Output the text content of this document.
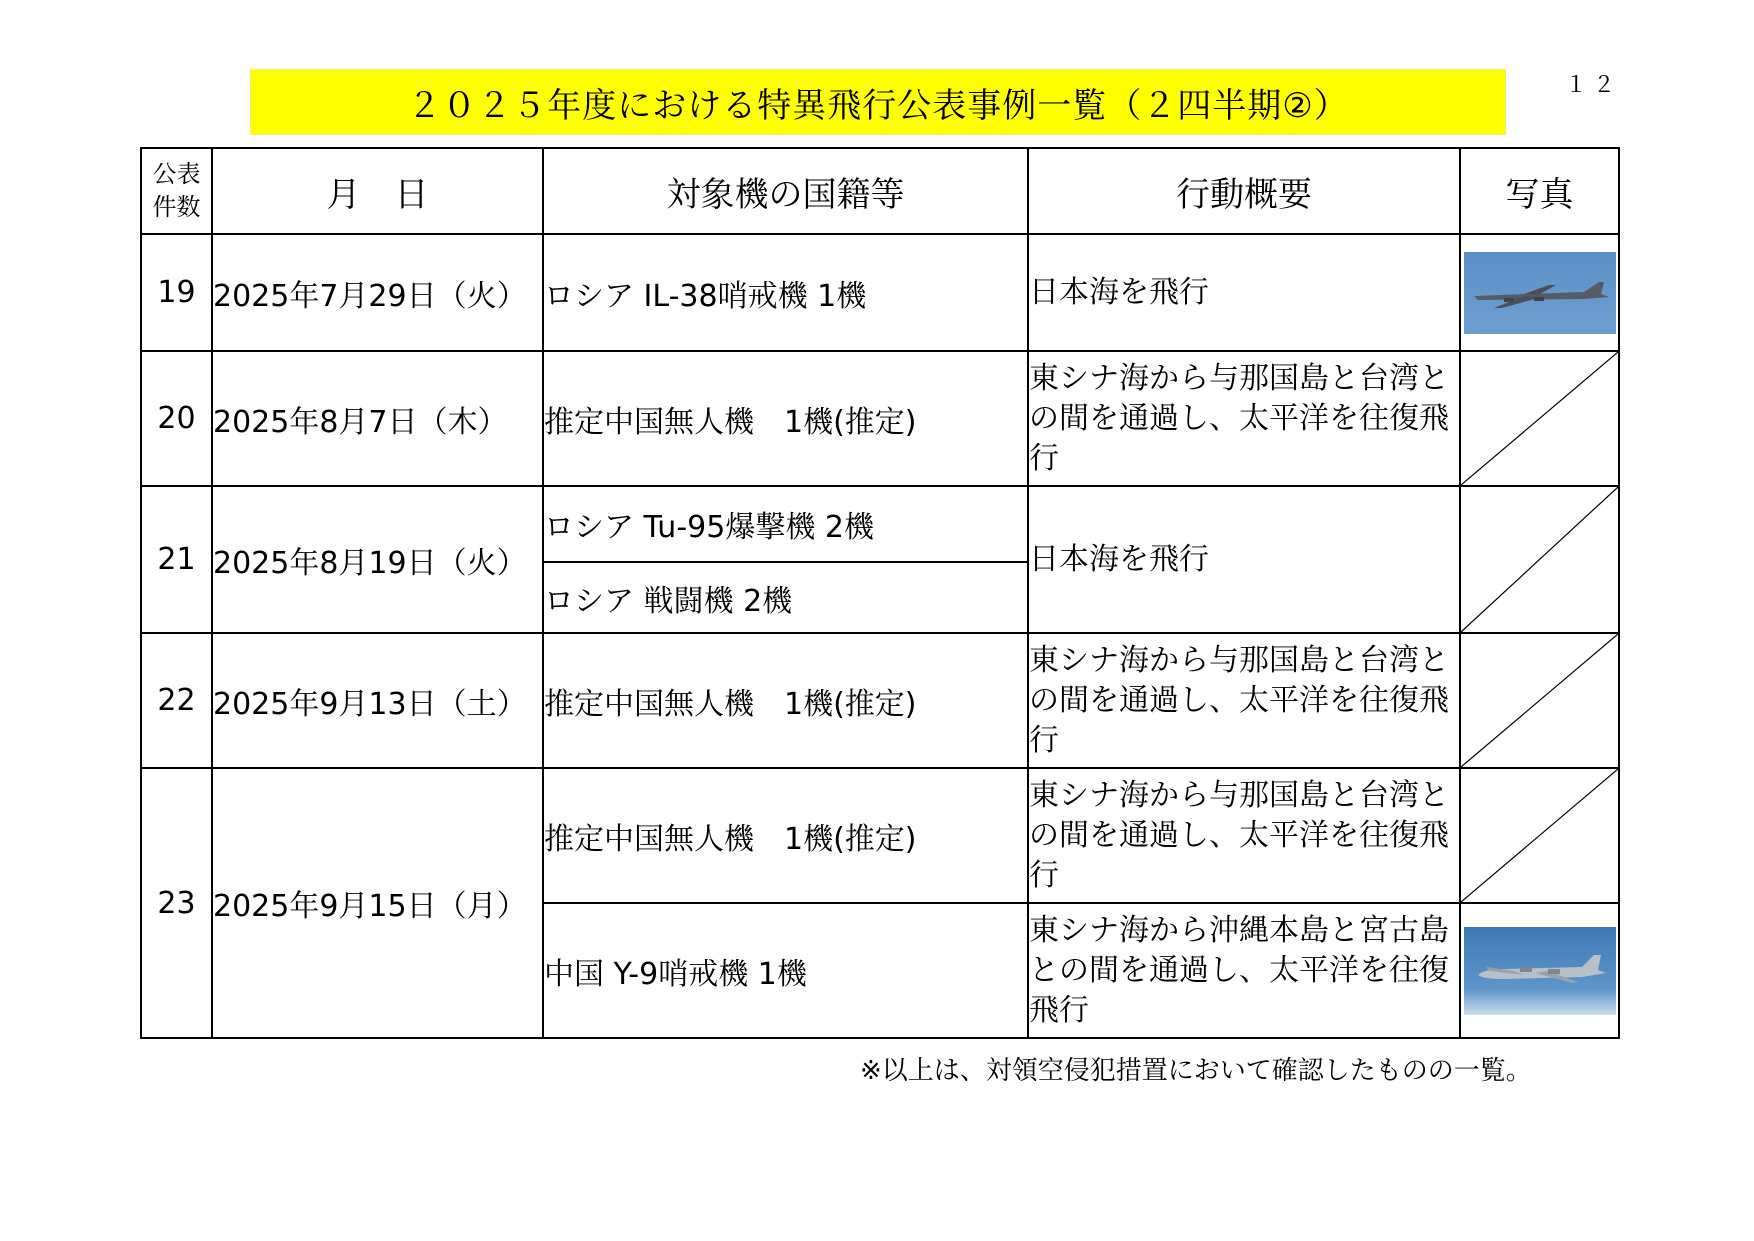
１２
２０２５年度における特異飛行公表事例一覧（２四半期②）
公表
件数	月　日	対象機の国籍等	行動概要	写真
19	2025年7月29日（火）	ロシア IL-38哨戒機 1機	日本海を飛行	

20	2025年8月7日（木）	推定中国無人機　1機(推定)	東シナ海から与那国島と台湾との間を通過し、太平洋を往復飛行	

21	2025年8月19日（火）	ロシア Tu-95爆撃機 2機	日本海を飛行	

		ロシア 戦闘機 2機		
22	2025年9月13日（土）	推定中国無人機　1機(推定)	東シナ海から与那国島と台湾との間を通過し、太平洋を往復飛行	

23	2025年9月15日（月）	推定中国無人機　1機(推定)	東シナ海から与那国島と台湾との間を通過し、太平洋を往復飛行	

		中国 Y-9哨戒機 1機	東シナ海から沖縄本島と宮古島との間を通過し、太平洋を往復飛行	
※以上は、対領空侵犯措置において確認したものの一覧。
